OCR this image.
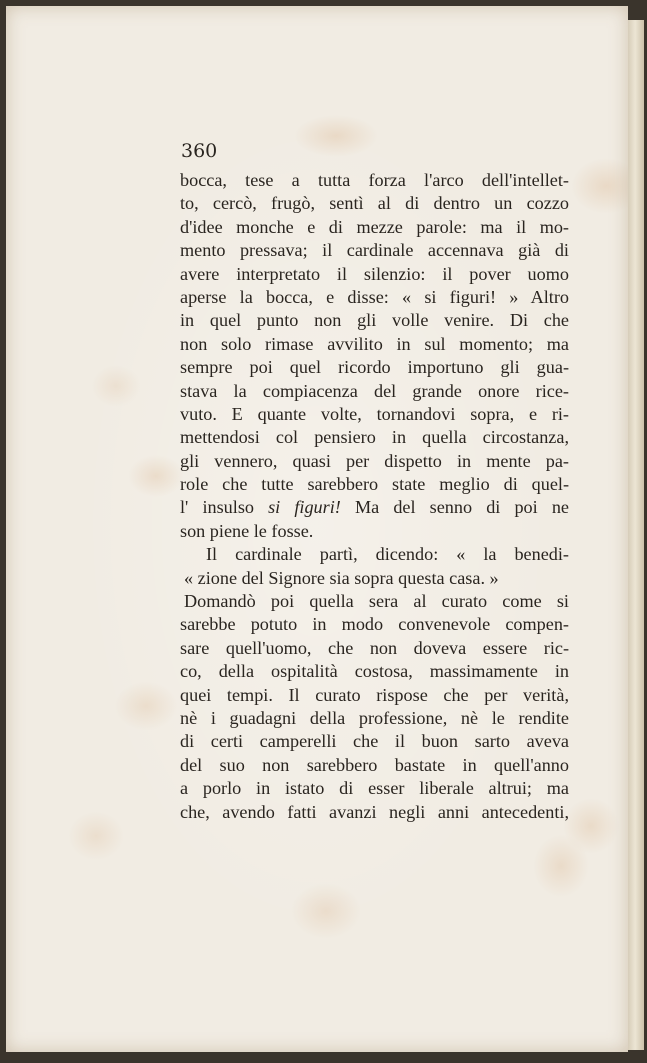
360

bocca, tese a tutta forza l'arco dell'intellet-
to, cercò, frugò, sentì al di dentro un cozzo
d'idee monche e di mezze parole: ma il mo-
mento pressava; il cardinale accennava già di
avere interpretato il silenzio: il pover uomo
aperse la bocca, e disse: « si figuri! » Altro
in quel punto non gli volle venire. Di che
non solo rimase avvilito in sul momento; ma
sempre poi quel ricordo importuno gli gua-
stava la compiacenza del grande onore rice-
vuto. E quante volte, tornandovi sopra, e ri-
mettendosi col pensiero in quella circostanza,
gli vennero, quasi per dispetto in mente pa-
role che tutte sarebbero state meglio di quel-
l' insulso si figuri! Ma del senno di poi ne
son piene le fosse.
Il cardinale partì, dicendo: « la benedi-
« zione del Signore sia sopra questa casa. »
Domandò poi quella sera al curato come si
sarebbe potuto in modo convenevole compen-
sare quell'uomo, che non doveva essere ric-
co, della ospitalità costosa, massimamente in
quei tempi. Il curato rispose che per verità,
nè i guadagni della professione, nè le rendite
di certi camperelli che il buon sarto aveva
del suo non sarebbero bastate in quell'anno
a porlo in istato di esser liberale altrui; ma
che, avendo fatti avanzi negli anni antecedenti,
